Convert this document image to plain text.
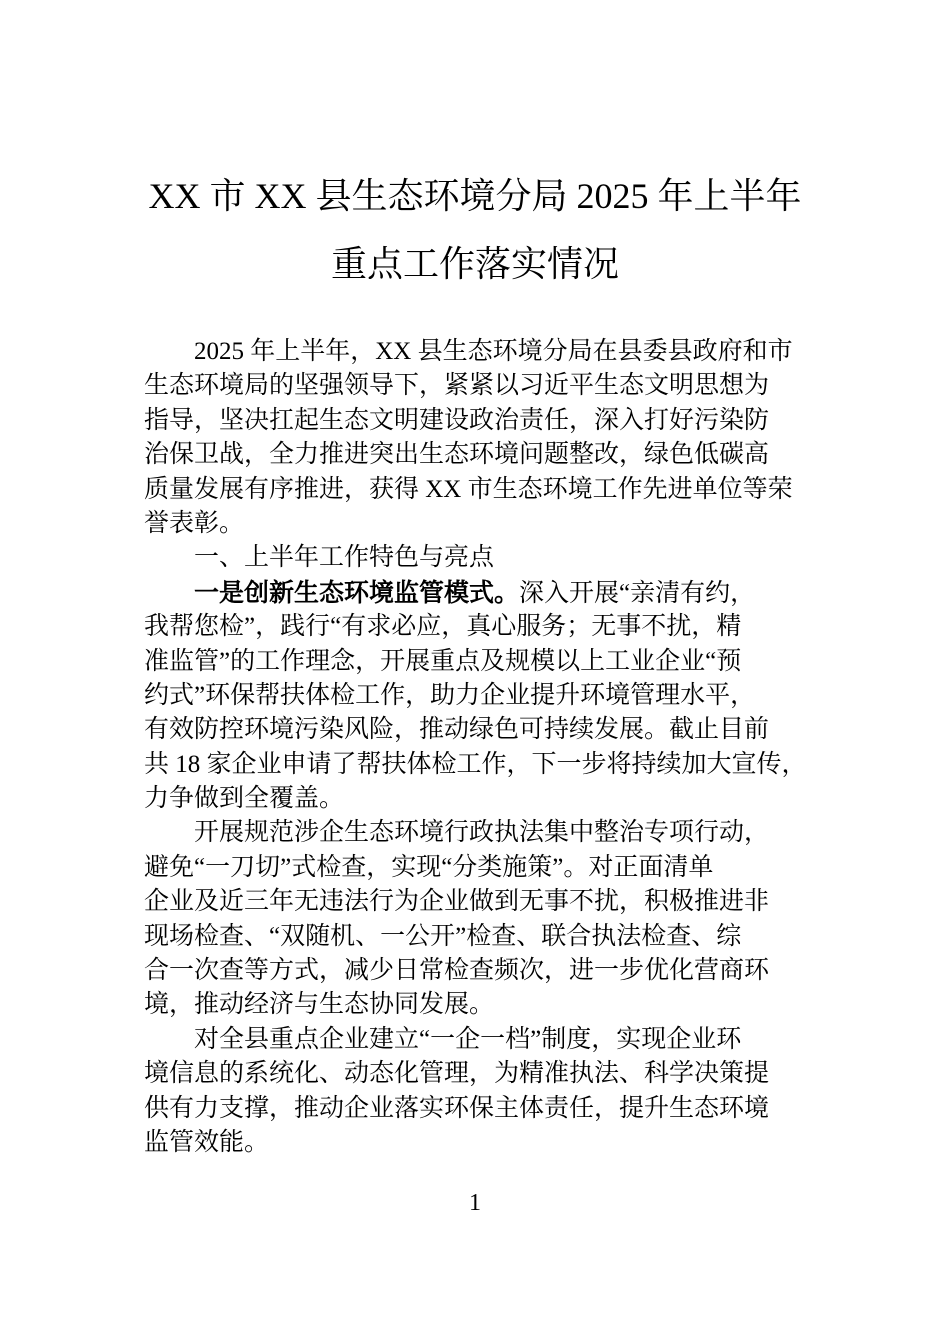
XX 市 XX 县生态环境分局 2025 年上半年
重点工作落实情况
2025 年上半年，XX 县生态环境分局在县委县政府和市
生态环境局的坚强领导下，紧紧以习近平生态文明思想为
指导，坚决扛起生态文明建设政治责任，深入打好污染防
治保卫战，全力推进突出生态环境问题整改，绿色低碳高
质量发展有序推进，获得 XX 市生态环境工作先进单位等荣
誉表彰。
一、上半年工作特色与亮点
一是创新生态环境监管模式。深入开展“亲清有约，
我帮您检”，践行“有求必应，真心服务；无事不扰，精
准监管”的工作理念，开展重点及规模以上工业企业“预
约式”环保帮扶体检工作，助力企业提升环境管理水平，
有效防控环境污染风险，推动绿色可持续发展。截止目前
共 18 家企业申请了帮扶体检工作，下一步将持续加大宣传，
力争做到全覆盖。
开展规范涉企生态环境行政执法集中整治专项行动，
避免“一刀切”式检查，实现“分类施策”。对正面清单
企业及近三年无违法行为企业做到无事不扰，积极推进非
现场检查、“双随机、一公开”检查、联合执法检查、综
合一次查等方式，减少日常检查频次，进一步优化营商环
境，推动经济与生态协同发展。
对全县重点企业建立“一企一档”制度，实现企业环
境信息的系统化、动态化管理，为精准执法、科学决策提
供有力支撑，推动企业落实环保主体责任，提升生态环境
监管效能。
1
